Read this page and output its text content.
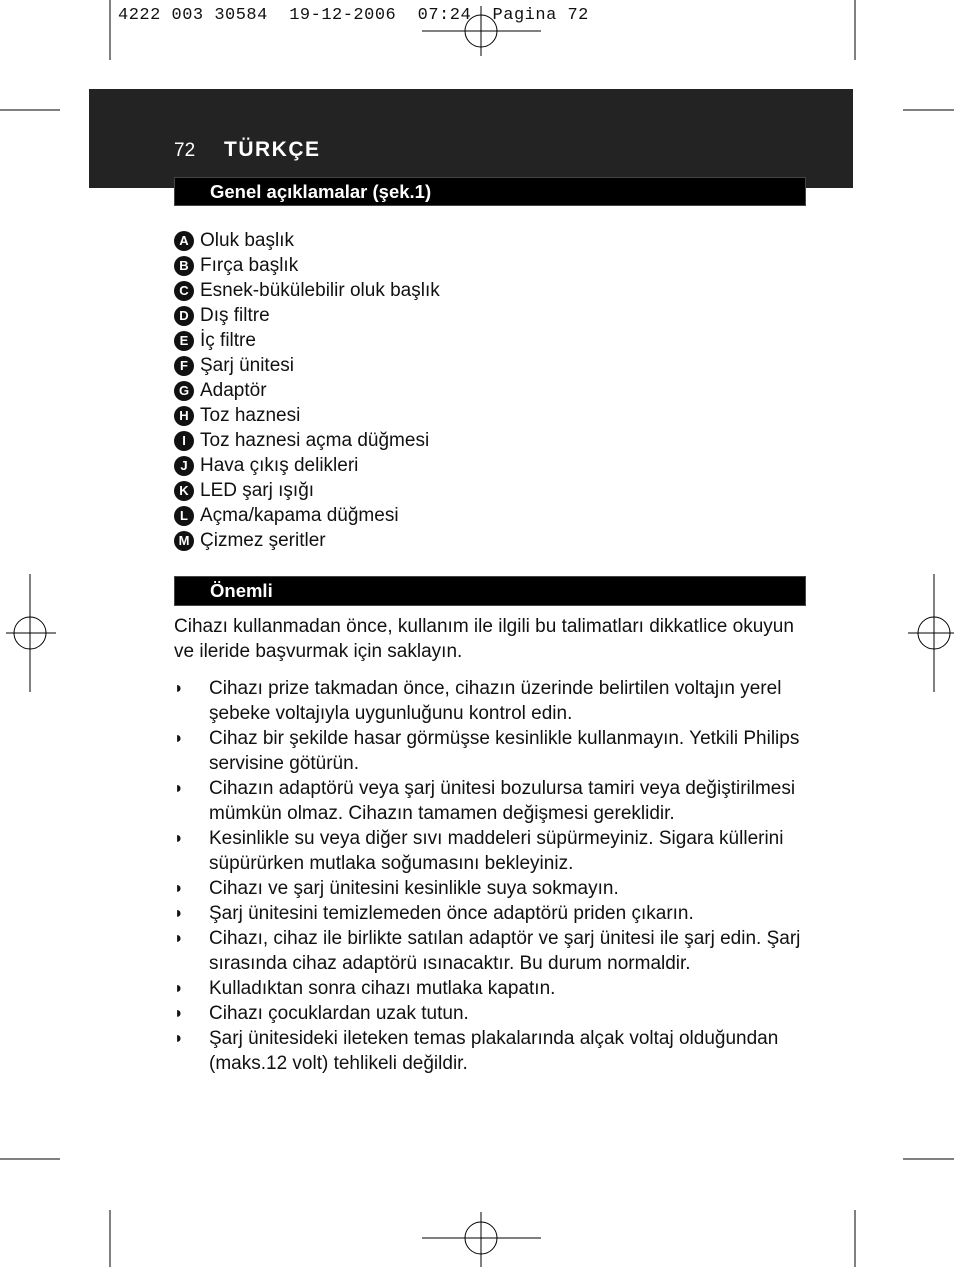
4222 003 30584  19-12-2006  07:24  Pagina 72
72 TÜRKÇE
Genel açıklamalar (şek.1)
A Oluk başlık
B Fırça başlık
C Esnek-bükülebilir oluk başlık
D Dış filtre
E İç filtre
F Şarj ünitesi
G Adaptör
H Toz haznesi
I Toz haznesi açma düğmesi
J Hava çıkış delikleri
K LED şarj ışığı
L Açma/kapama düğmesi
M Çizmez şeritler
Önemli

Cihazı kullanmadan önce, kullanım ile ilgili bu talimatları dikkatlice okuyun ve ileride başvurmak için saklayın.

◗ Cihazı prize takmadan önce, cihazın üzerinde belirtilen voltajın yerel şebeke voltajıyla uygunluğunu kontrol edin.
◗ Cihaz bir şekilde hasar görmüşse kesinlikle kullanmayın. Yetkili Philips servisine götürün.
◗ Cihazın adaptörü veya şarj ünitesi bozulursa tamiri veya değiştirilmesi mümkün olmaz. Cihazın tamamen değişmesi gereklidir.
◗ Kesinlikle su veya diğer sıvı maddeleri süpürmeyiniz. Sigara küllerini süpürürken mutlaka soğumasını bekleyiniz.
◗ Cihazı ve şarj ünitesini kesinlikle suya sokmayın.
◗ Şarj ünitesini temizlemeden önce adaptörü priden çıkarın.
◗ Cihazı, cihaz ile birlikte satılan adaptör ve şarj ünitesi ile şarj edin. Şarj sırasında cihaz adaptörü ısınacaktır. Bu durum normaldir.
◗ Kulladıktan sonra cihazı mutlaka kapatın.
◗ Cihazı çocuklardan uzak tutun.
◗ Şarj ünitesideki ileteken temas plakalarında alçak voltaj olduğundan (maks.12 volt) tehlikeli değildir.
